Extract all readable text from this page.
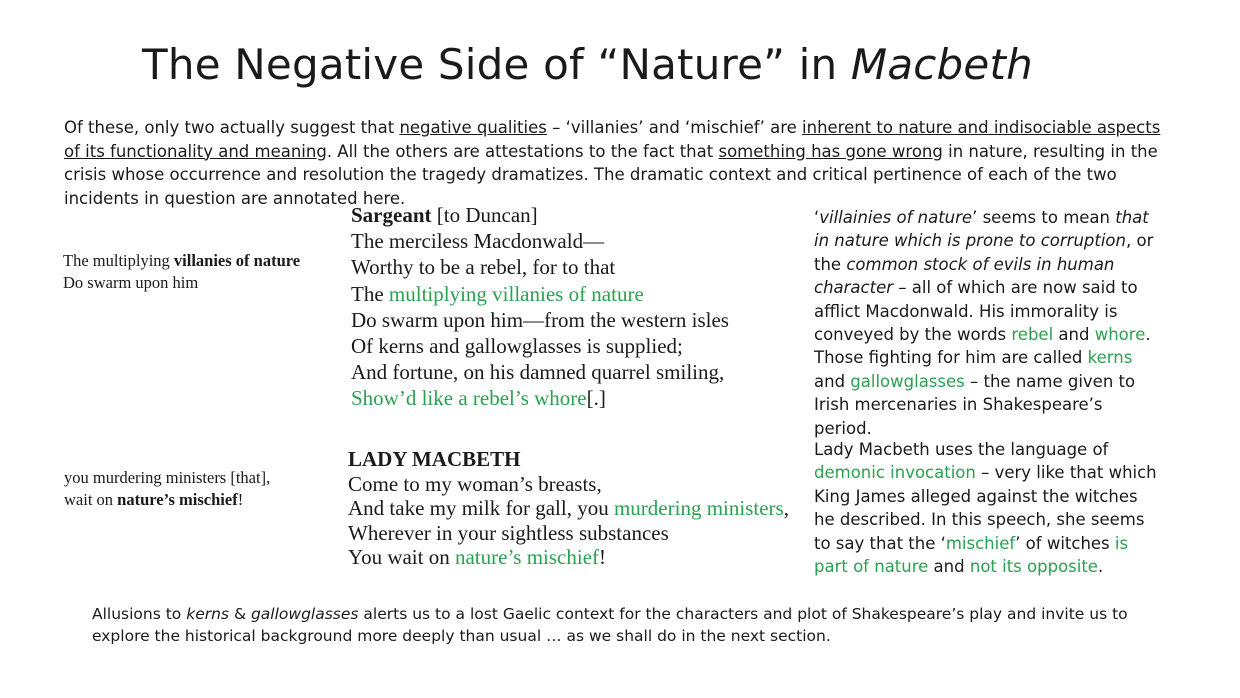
The Negative Side of “Nature” in Macbeth
Of these, only two actually suggest that negative qualities – ‘villanies’ and ‘mischief’ are inherent to nature and indisociable aspects of its functionality and meaning. All the others are attestations to the fact that something has gone wrong in nature, resulting in the crisis whose occurrence and resolution the tragedy dramatizes. The dramatic context and critical pertinence of each of the two incidents in question are annotated here.
The multiplying villanies of nature
Do swarm upon him
you murdering ministers [that],
wait on nature’s mischief!
Sargeant [to Duncan]
The merciless Macdonwald—
Worthy to be a rebel, for to that
The multiplying villanies of nature
Do swarm upon him—from the western isles
Of kerns and gallowglasses is supplied;
And fortune, on his damned quarrel smiling,
Show’d like a rebel’s whore[.]
LADY MACBETH
Come to my woman’s breasts,
And take my milk for gall, you murdering ministers,
Wherever in your sightless substances
You wait on nature’s mischief!
‘villainies of nature’ seems to mean that in nature which is prone to corruption, or the common stock of evils in human character – all of which are now said to afflict Macdonwald. His immorality is conveyed by the words rebel and whore. Those fighting for him are called kerns and gallowglasses – the name given to Irish mercenaries in Shakespeare’s period.
Lady Macbeth uses the language of demonic invocation – very like that which King James alleged against the witches he described. In this speech, she seems to say that the ‘mischief’ of witches is part of nature and not its opposite.
Allusions to kerns & gallowglasses alerts us to a lost Gaelic context for the characters and plot of Shakespeare’s play and invite us to explore the historical background more deeply than usual … as we shall do in the next section.
